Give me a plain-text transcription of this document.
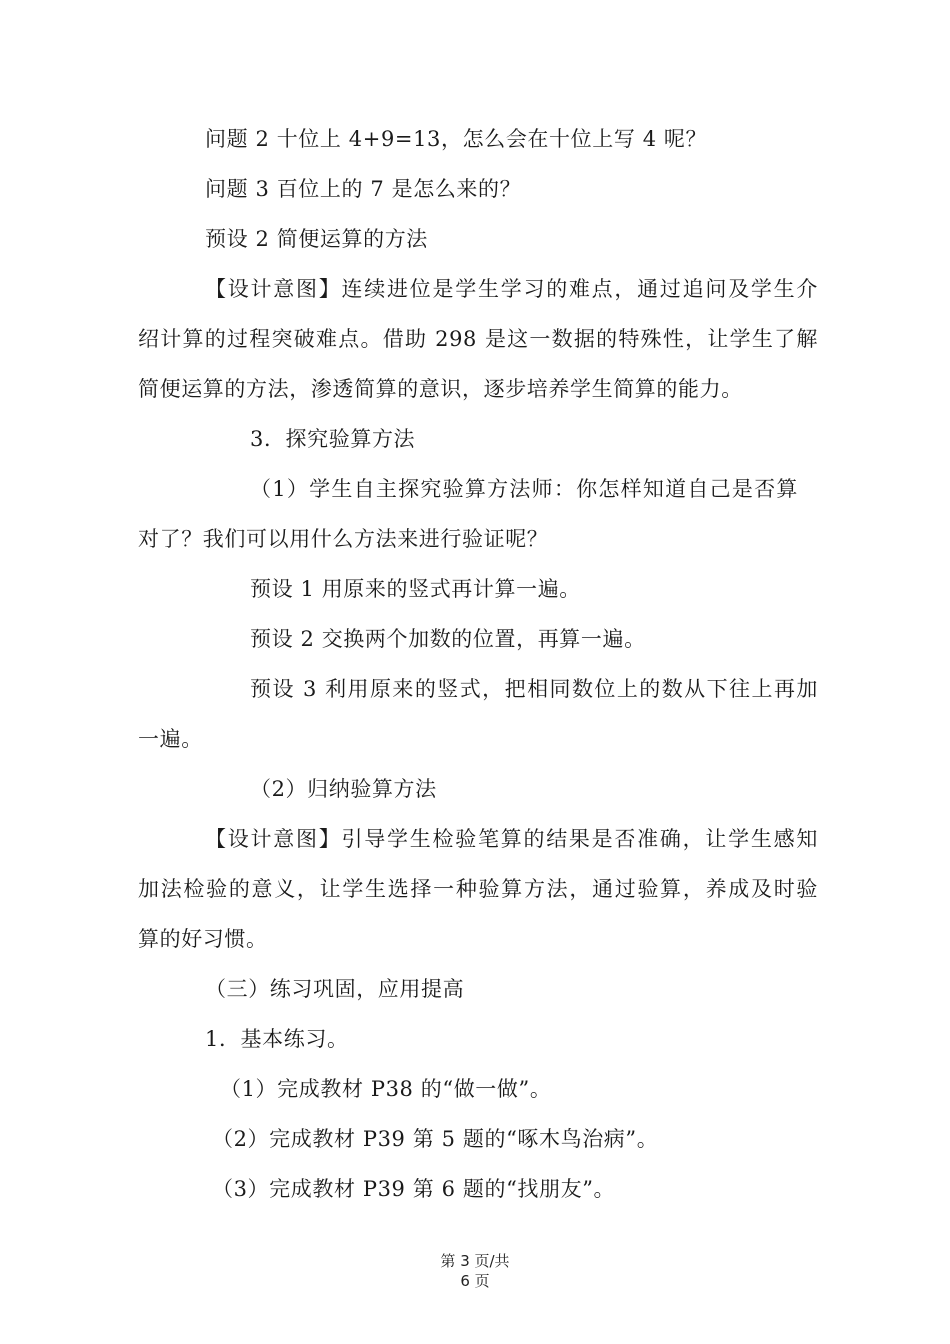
问题 2 十位上 4+9=13，怎么会在十位上写 4 呢？
问题 3 百位上的 7 是怎么来的？
预设 2 简便运算的方法
【设计意图】连续进位是学生学习的难点，通过追问及学生介
绍计算的过程突破难点。借助 298 是这一数据的特殊性，让学生了解
简便运算的方法，渗透简算的意识，逐步培养学生简算的能力。
3．探究验算方法
（1）学生自主探究验算方法师：你怎样知道自己是否算
对了？我们可以用什么方法来进行验证呢？
预设 1 用原来的竖式再计算一遍。
预设 2 交换两个加数的位置，再算一遍。
预设 3 利用原来的竖式，把相同数位上的数从下往上再加
一遍。
（2）归纳验算方法
【设计意图】引导学生检验笔算的结果是否准确，让学生感知
加法检验的意义，让学生选择一种验算方法，通过验算，养成及时验
算的好习惯。
（三）练习巩固，应用提高
1．基本练习。
（1）完成教材 P38 的“做一做”。
（2）完成教材 P39 第 5 题的“啄木鸟治病”。
（3）完成教材 P39 第 6 题的“找朋友”。
第 3 页/共
6 页
